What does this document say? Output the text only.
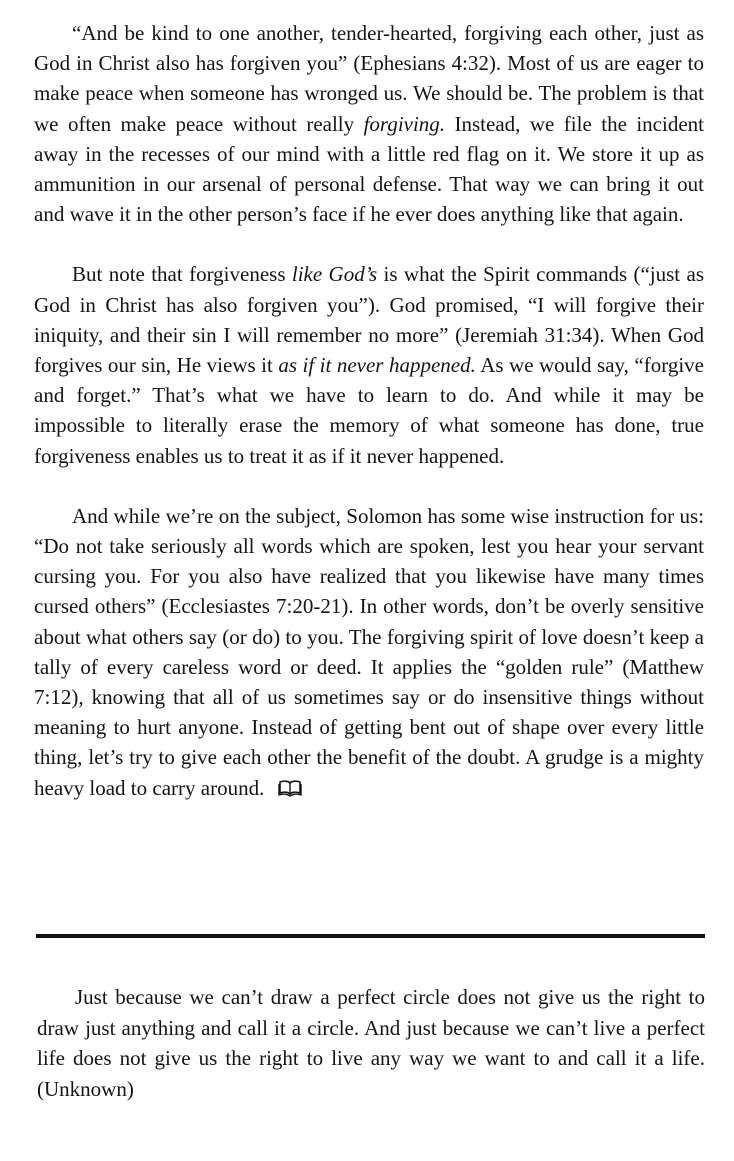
“And be kind to one another, tender-hearted, forgiving each other, just as God in Christ also has forgiven you” (Ephesians 4:32). Most of us are eager to make peace when someone has wronged us. We should be. The problem is that we often make peace without really forgiving. Instead, we file the incident away in the recesses of our mind with a little red flag on it. We store it up as ammunition in our arsenal of personal defense. That way we can bring it out and wave it in the other person’s face if he ever does anything like that again.

But note that forgiveness like God’s is what the Spirit commands (“just as God in Christ has also forgiven you”). God promised, “I will forgive their iniquity, and their sin I will remember no more” (Jeremiah 31:34). When God forgives our sin, He views it as if it never happened. As we would say, “forgive and forget.” That’s what we have to learn to do. And while it may be impossible to literally erase the memory of what someone has done, true forgiveness enables us to treat it as if it never happened.

And while we’re on the subject, Solomon has some wise instruction for us: “Do not take seriously all words which are spoken, lest you hear your servant cursing you. For you also have realized that you likewise have many times cursed others” (Ecclesiastes 7:20-21). In other words, don’t be overly sensitive about what others say (or do) to you. The forgiving spirit of love doesn’t keep a tally of every careless word or deed. It applies the “golden rule” (Matthew 7:12), knowing that all of us sometimes say or do insensitive things without meaning to hurt anyone. Instead of getting bent out of shape over every little thing, let’s try to give each other the benefit of the doubt. A grudge is a mighty heavy load to carry around.

Just because we can’t draw a perfect circle does not give us the right to draw just anything and call it a circle. And just because we can’t live a perfect life does not give us the right to live any way we want to and call it a life. (Unknown)
